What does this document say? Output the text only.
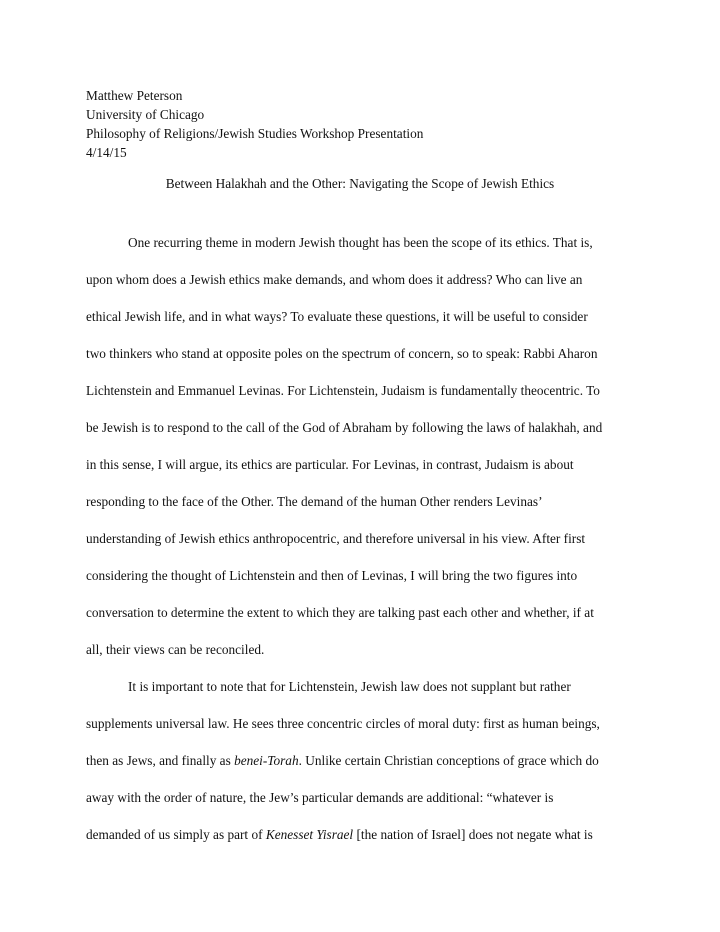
Matthew Peterson
University of Chicago
Philosophy of Religions/Jewish Studies Workshop Presentation
4/14/15
Between Halakhah and the Other: Navigating the Scope of Jewish Ethics
One recurring theme in modern Jewish thought has been the scope of its ethics. That is,
upon whom does a Jewish ethics make demands, and whom does it address? Who can live an
ethical Jewish life, and in what ways? To evaluate these questions, it will be useful to consider
two thinkers who stand at opposite poles on the spectrum of concern, so to speak: Rabbi Aharon
Lichtenstein and Emmanuel Levinas. For Lichtenstein, Judaism is fundamentally theocentric. To
be Jewish is to respond to the call of the God of Abraham by following the laws of halakhah, and
in this sense, I will argue, its ethics are particular. For Levinas, in contrast, Judaism is about
responding to the face of the Other. The demand of the human Other renders Levinas’
understanding of Jewish ethics anthropocentric, and therefore universal in his view. After first
considering the thought of Lichtenstein and then of Levinas, I will bring the two figures into
conversation to determine the extent to which they are talking past each other and whether, if at
all, their views can be reconciled.
It is important to note that for Lichtenstein, Jewish law does not supplant but rather
supplements universal law. He sees three concentric circles of moral duty: first as human beings,
then as Jews, and finally as benei-Torah. Unlike certain Christian conceptions of grace which do
away with the order of nature, the Jew’s particular demands are additional: “whatever is
demanded of us simply as part of Kenesset Yisrael [the nation of Israel] does not negate what is
